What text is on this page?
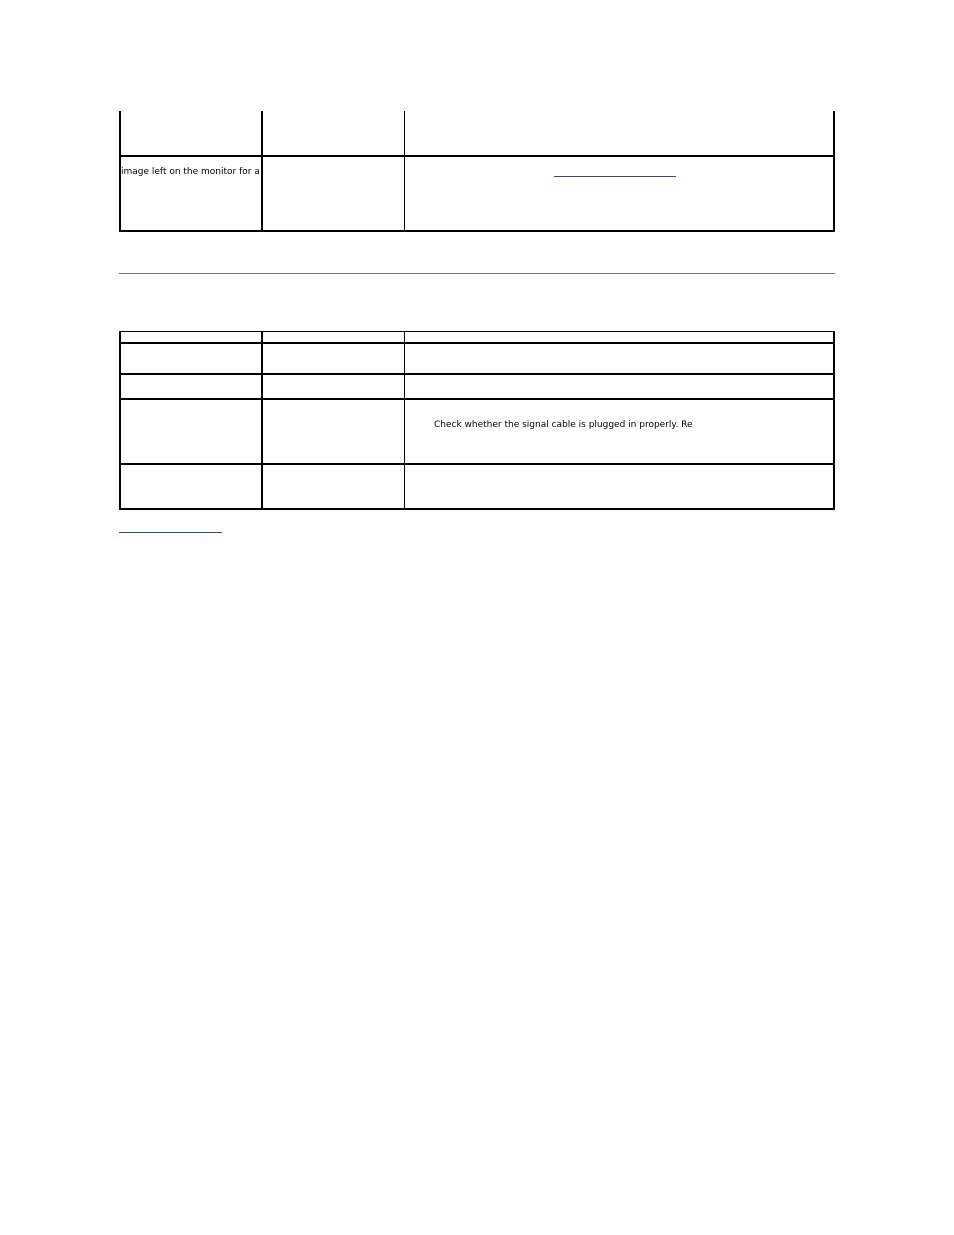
image left on the monitor for a
Check whether the signal cable is plugged in properly. Re
